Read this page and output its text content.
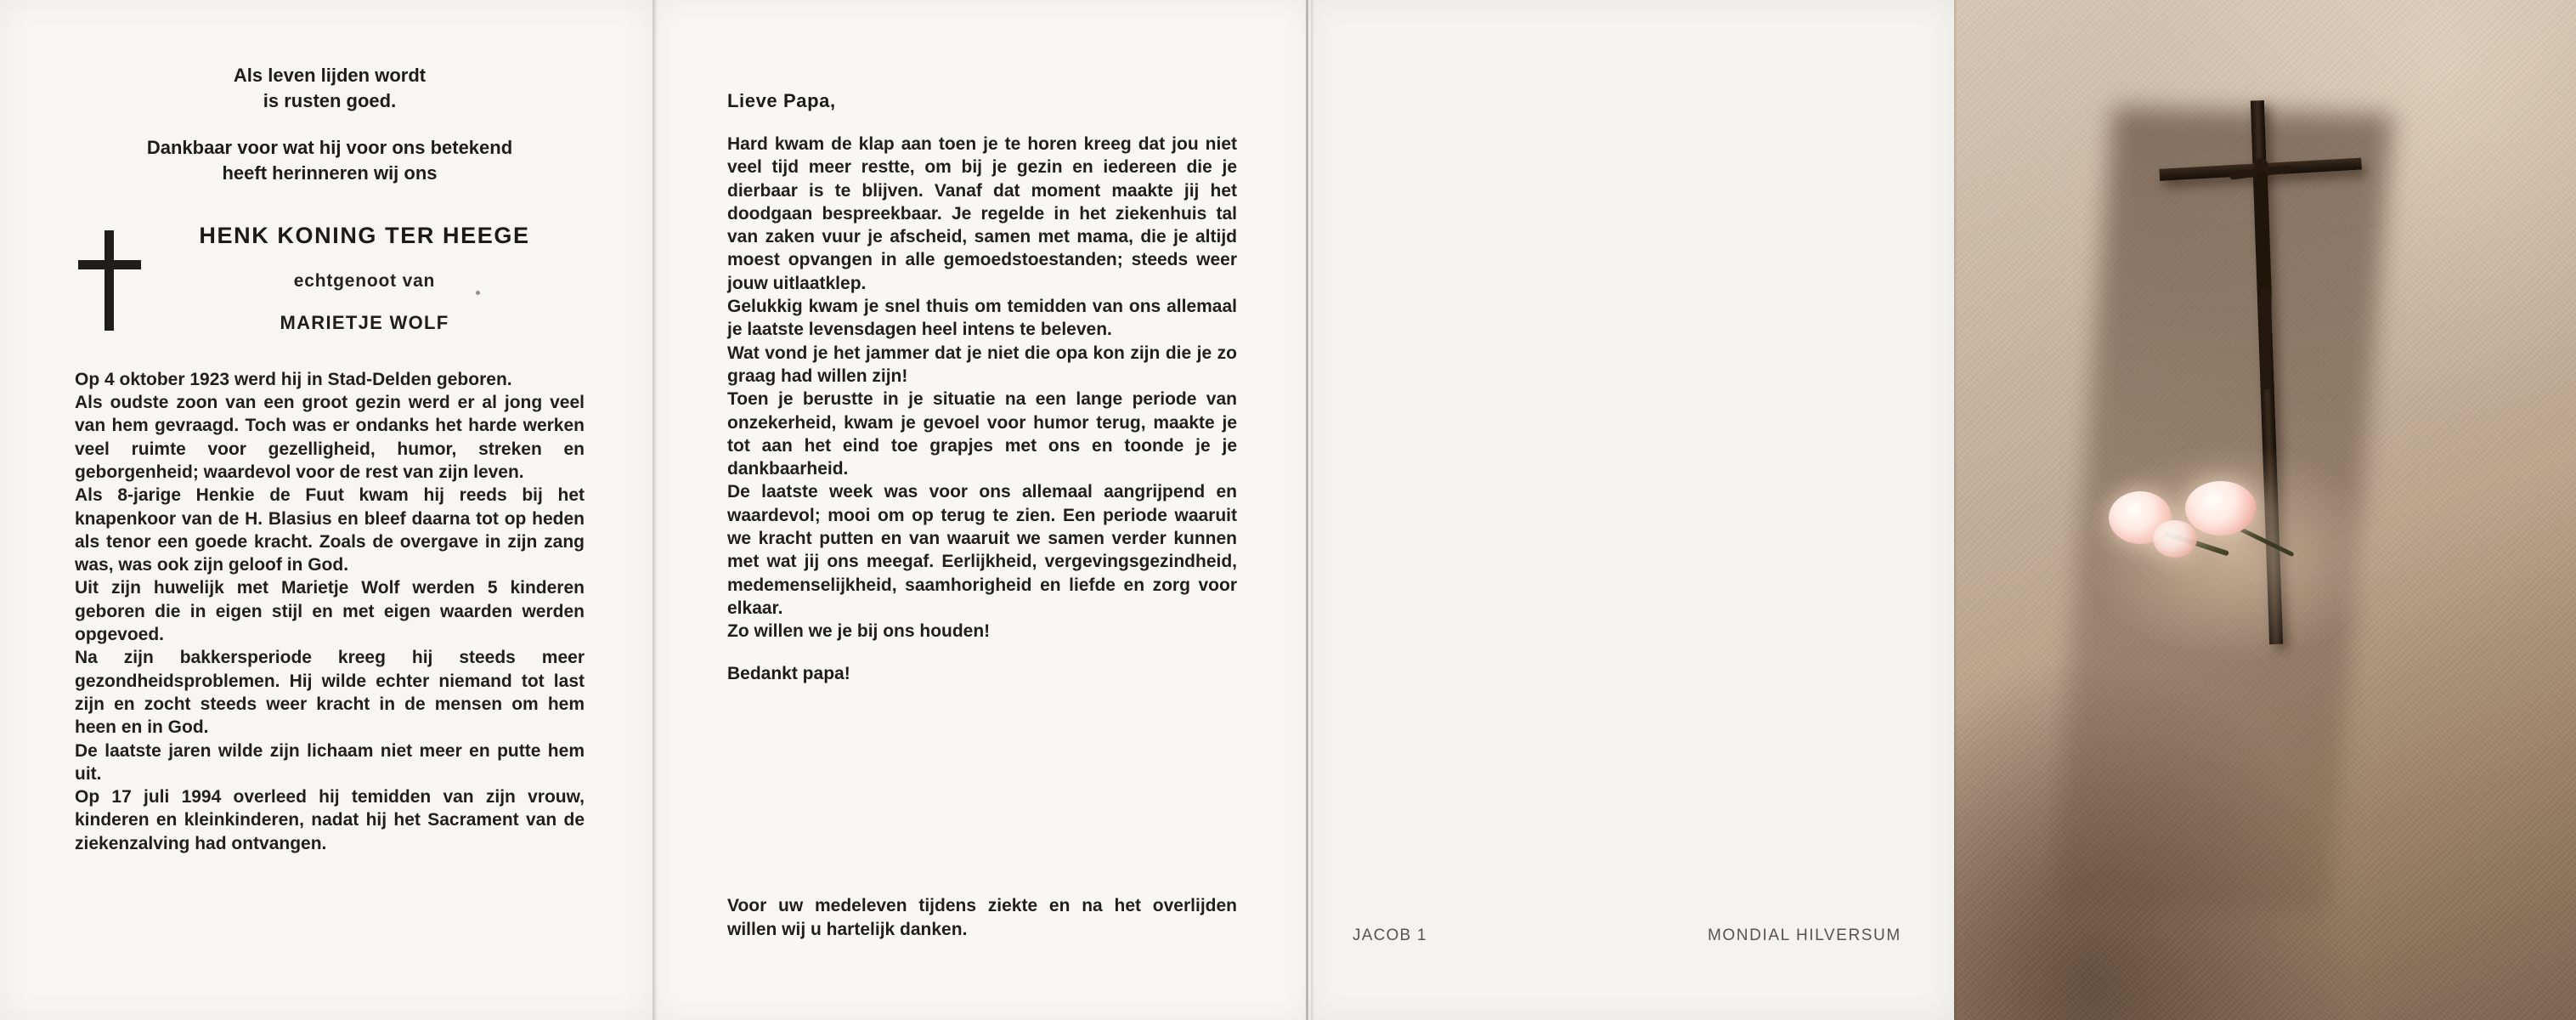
Als leven lijden wordt
is rusten goed.
Dankbaar voor wat hij voor ons betekend
heeft herinneren wij ons
HENK KONING TER HEEGE
echtgenoot van
MARIETJE WOLF

Op 4 oktober 1923 werd hij in Stad-Delden geboren.

Als oudste zoon van een groot gezin werd er al jong veel van hem gevraagd. Toch was er ondanks het harde werken veel ruimte voor gezelligheid, humor, streken en geborgenheid; waardevol voor de rest van zijn leven.

Als 8-jarige Henkie de Fuut kwam hij reeds bij het knapenkoor van de H. Blasius en bleef daarna tot op heden als tenor een goede kracht. Zoals de overgave in zijn zang was, was ook zijn geloof in God.

Uit zijn huwelijk met Marietje Wolf werden 5 kinderen geboren die in eigen stijl en met eigen waarden werden opgevoed.

Na zijn bakkersperiode kreeg hij steeds meer gezondheidsproblemen. Hij wilde echter niemand tot last zijn en zocht steeds weer kracht in de mensen om hem heen en in God.

De laatste jaren wilde zijn lichaam niet meer en putte hem uit.

Op 17 juli 1994 overleed hij temidden van zijn vrouw, kinderen en kleinkinderen, nadat hij het Sacrament van de ziekenzalving had ontvangen.

Lieve Papa,

Hard kwam de klap aan toen je te horen kreeg dat jou niet veel tijd meer restte, om bij je gezin en iedereen die je dierbaar is te blijven. Vanaf dat moment maakte jij het doodgaan bespreekbaar. Je regelde in het ziekenhuis tal van zaken vuur je afscheid, samen met mama, die je altijd moest opvangen in alle gemoedstoestanden; steeds weer jouw uitlaatklep.

Gelukkig kwam je snel thuis om temidden van ons allemaal je laatste levensdagen heel intens te beleven.

Wat vond je het jammer dat je niet die opa kon zijn die je zo graag had willen zijn!

Toen je berustte in je situatie na een lange periode van onzekerheid, kwam je gevoel voor humor terug, maakte je tot aan het eind toe grapjes met ons en toonde je je dankbaarheid.

De laatste week was voor ons allemaal aangrijpend en waardevol; mooi om op terug te zien. Een periode waaruit we kracht putten en van waaruit we samen verder kunnen met wat jij ons meegaf. Eerlijkheid, vergevingsgezindheid, medemenselijkheid, saamhorigheid en liefde en zorg voor elkaar.

Zo willen we je bij ons houden!

Bedankt papa!
Voor uw medeleven tijdens ziekte en na het overlijden willen wij u hartelijk danken.	JACOB 1	MONDIAL HILVERSUM
